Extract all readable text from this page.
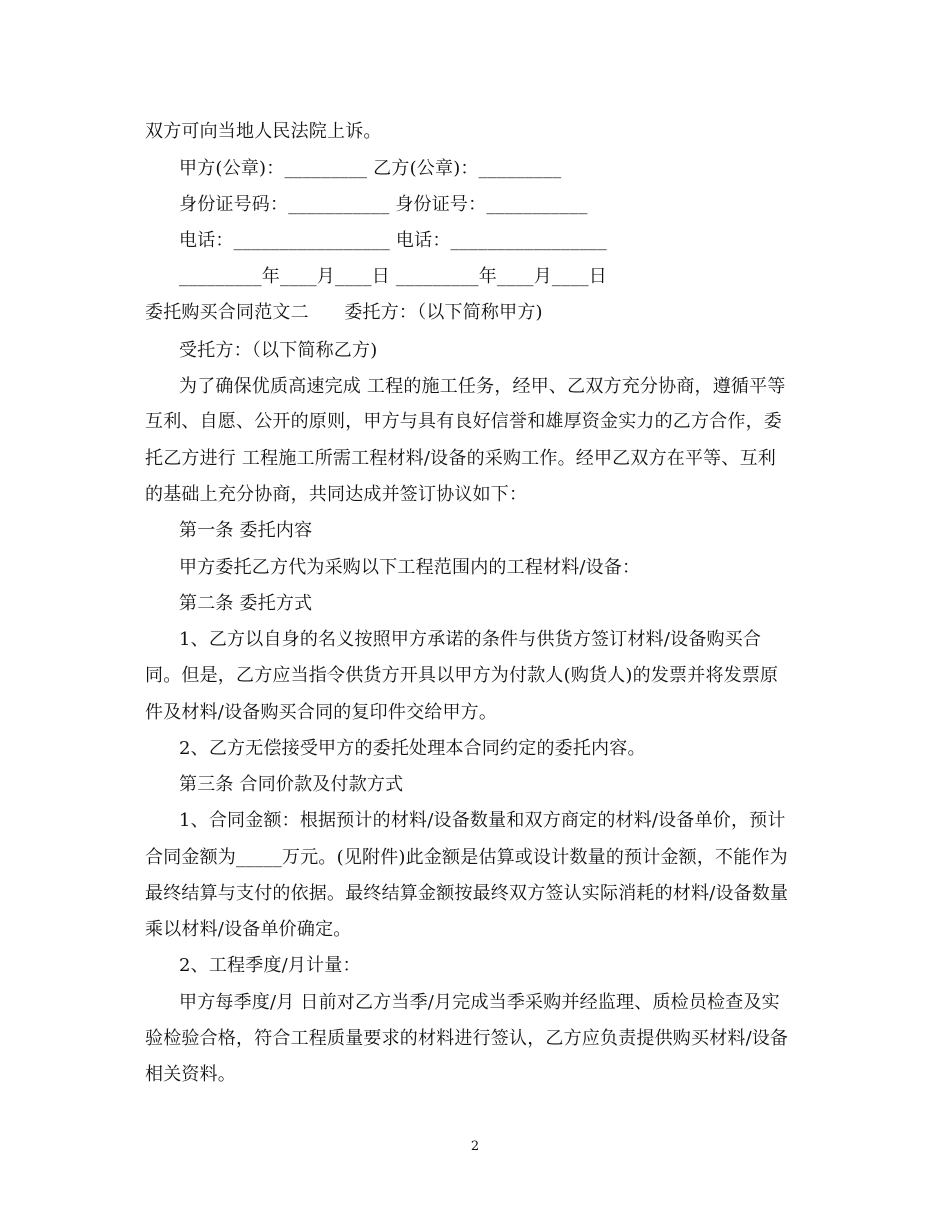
双方可向当地人民法院上诉。
甲方(公章)：_________ 乙方(公章)：_________
身份证号码：___________ 身份证号：___________
电话：_________________ 电话：_________________
_________年____月____日 _________年____月____日
委托购买合同范文二      委托方：（以下简称甲方)
受托方：（以下简称乙方)
为了确保优质高速完成 工程的施工任务，经甲、乙双方充分协商，遵循平等
互利、自愿、公开的原则，甲方与具有良好信誉和雄厚资金实力的乙方合作，委
托乙方进行 工程施工所需工程材料/设备的采购工作。经甲乙双方在平等、互利
的基础上充分协商，共同达成并签订协议如下：
第一条 委托内容
甲方委托乙方代为采购以下工程范围内的工程材料/设备：
第二条 委托方式
1、乙方以自身的名义按照甲方承诺的条件与供货方签订材料/设备购买合
同。但是，乙方应当指令供货方开具以甲方为付款人(购货人)的发票并将发票原
件及材料/设备购买合同的复印件交给甲方。
2、乙方无偿接受甲方的委托处理本合同约定的委托内容。
第三条 合同价款及付款方式
1、合同金额：根据预计的材料/设备数量和双方商定的材料/设备单价，预计
合同金额为_____万元。(见附件)此金额是估算或设计数量的预计金额，不能作为
最终结算与支付的依据。最终结算金额按最终双方签认实际消耗的材料/设备数量
乘以材料/设备单价确定。
2、工程季度/月计量：
甲方每季度/月 日前对乙方当季/月完成当季采购并经监理、质检员检查及实
验检验合格，符合工程质量要求的材料进行签认，乙方应负责提供购买材料/设备
相关资料。
2
